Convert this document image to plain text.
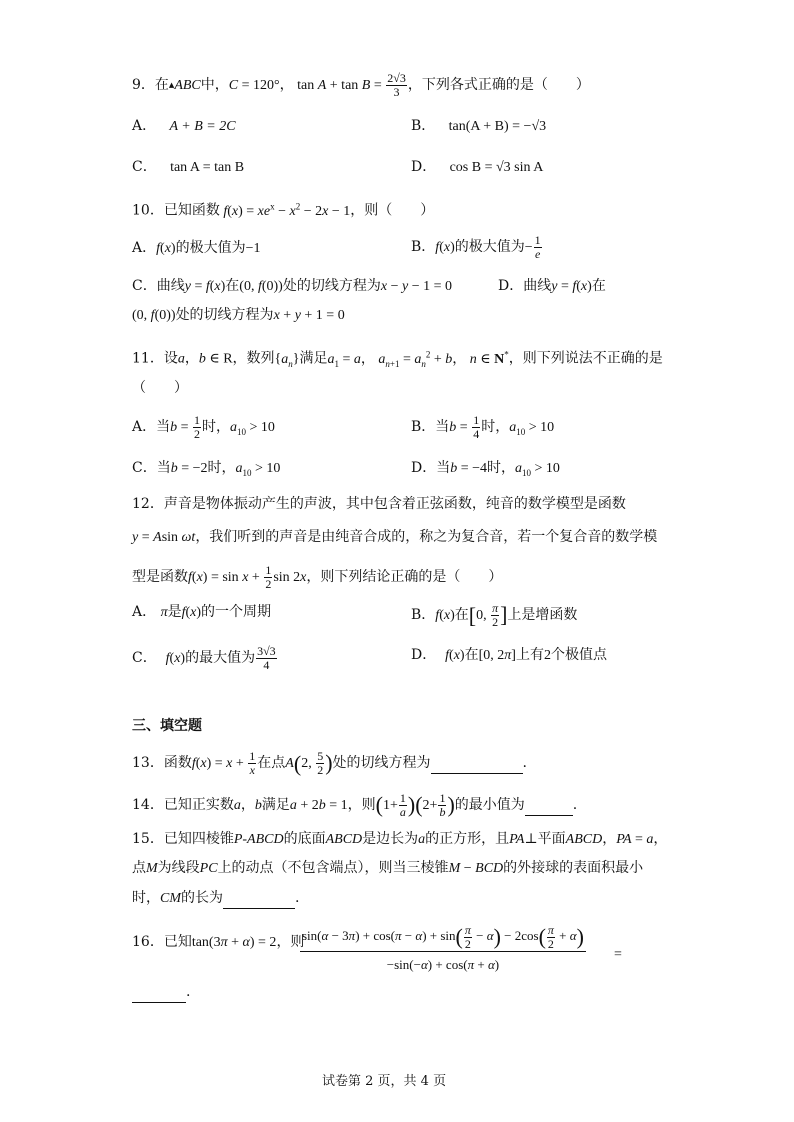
9．在▲ABC中，C = 120°， $\tan A + \tan B = \frac{2√3}{3}$ ，下列各式正确的是（　　）
A． A + B = 2C	B． tan(A + B) = −√3
C． tan A = tan B	D． cos B = √3 sin A
10．已知函数 $f(x) = xe^x - x^2 - 2x - 1$，则（　　）
A．f(x)的极大值为−1	B．f(x)的极大值为− $\frac{1}{e}$
C．曲线y = f(x)在(0, f(0))处的切线方程为x − y − 1 = 0	D．曲线y = f(x)在
(0, f(0))处的切线方程为x + y + 1 = 0
11．设a，b ∈ R，数列$\{a_n\}$满足$a_1 = a$， $a_{n+1} = a_n^2 + b$， n ∈ N*，则下列说法不正确的是
（　　）
A．当$b = \frac{1}{2}$ 时，$a_{10} > 10$	B．当$b = \frac{1}{4}$ 时，$a_{10} > 10$
C．当b = −2时，$a_{10} > 10$	D．当b = −4时，$a_{10} > 10$
12．声音是物体振动产生的声波，其中包含着正弦函数，纯音的数学模型是函数
y = Asin ωt，我们听到的声音是由纯音合成的，称之为复合音，若一个复合音的数学模
型是函数$f(x) = \sin x + \frac{1}{2}$ sin 2x，则下列结论正确的是（　　）
A． π是f(x)的一个周期	B．f(x)在[0, $\frac{\pi}{2}$ ]上是增函数
C． f(x)的最大值为 $\frac{3√3}{4}$	D． f(x)在[0, 2π]上有2个极值点
三、填空题
13．函数$f(x) = x + \frac{1}{x}$ 在点A(2, $\frac{5}{2}$ )处的切线方程为	.
14．已知正实数a，b满足a + 2b = 1，则$(1+ \frac{1}{a} )(2+ \frac{1}{b}$ )的最小值为	.
15．已知四棱锥P-ABCD的底面ABCD是边长为a的正方形，且PA⊥平面ABCD，PA = a，
点M为线段PC上的动点（不包含端点），则当三棱锥M − BCD的外接球的表面积最小
时，CM的长为	.
16．已知tan(3π + α) = 2，则
$\frac{\sin(\alpha - 3\pi) + \cos(\pi - \alpha) + \sin( \frac{\pi}{2} - \alpha) - 2\cos( \frac{\pi}{2} + \alpha)}{-\sin(-\alpha) + \cos(\pi + \alpha)}$ =
.
试卷第 2 页，共 4 页
